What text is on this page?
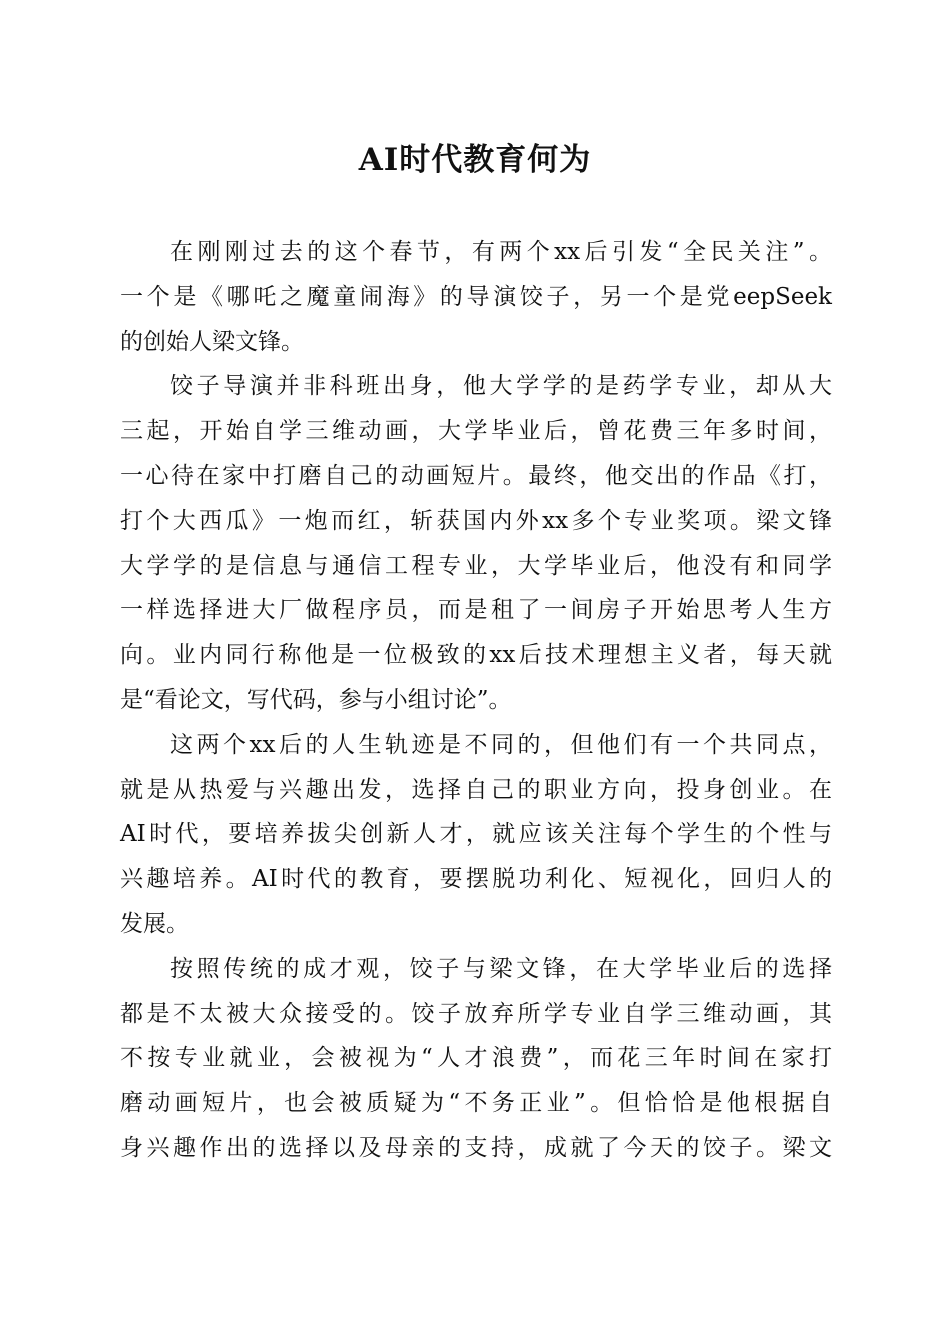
AI时代教育何为
在刚刚过去的这个春节，有两个xx后引发“全民关注”。
一个是《哪吒之魔童闹海》的导演饺子，另一个是党eepSeek
的创始人梁文锋。
饺子导演并非科班出身，他大学学的是药学专业，却从大
三起，开始自学三维动画，大学毕业后，曾花费三年多时间，
一心待在家中打磨自己的动画短片。最终，他交出的作品《打，
打个大西瓜》一炮而红，斩获国内外xx多个专业奖项。梁文锋
大学学的是信息与通信工程专业，大学毕业后，他没有和同学
一样选择进大厂做程序员，而是租了一间房子开始思考人生方
向。业内同行称他是一位极致的xx后技术理想主义者，每天就
是“看论文，写代码，参与小组讨论”。
这两个xx后的人生轨迹是不同的，但他们有一个共同点，
就是从热爱与兴趣出发，选择自己的职业方向，投身创业。在
AI时代，要培养拔尖创新人才，就应该关注每个学生的个性与
兴趣培养。AI时代的教育，要摆脱功利化、短视化，回归人的
发展。
按照传统的成才观，饺子与梁文锋，在大学毕业后的选择
都是不太被大众接受的。饺子放弃所学专业自学三维动画，其
不按专业就业，会被视为“人才浪费”，而花三年时间在家打
磨动画短片，也会被质疑为“不务正业”。但恰恰是他根据自
身兴趣作出的选择以及母亲的支持，成就了今天的饺子。梁文
